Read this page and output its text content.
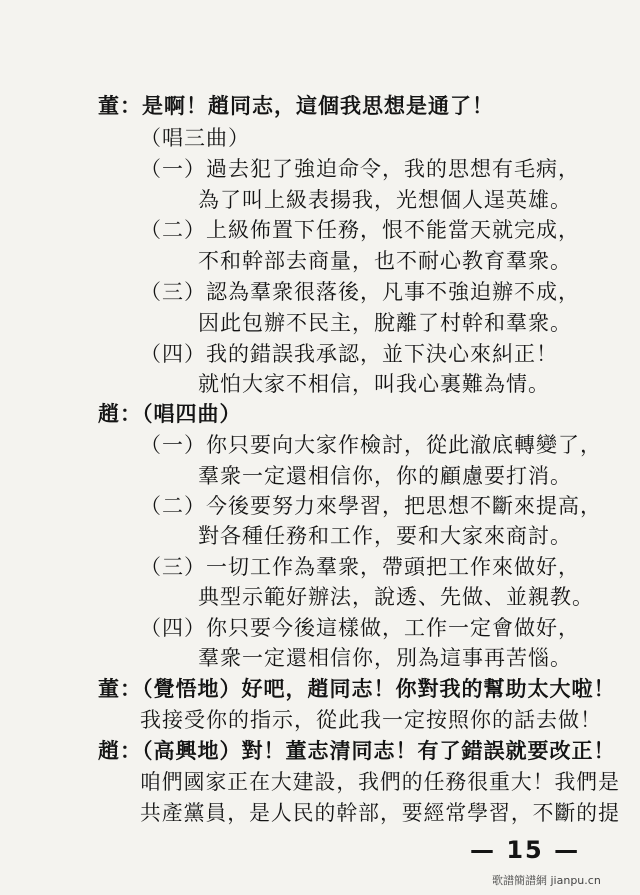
董：是啊！趙同志，這個我思想是通了！
（唱三曲）
（一）過去犯了強迫命令，我的思想有毛病，
為了叫上級表揚我，光想個人逞英雄。
（二）上級佈置下任務，恨不能當天就完成，
不和幹部去商量，也不耐心教育羣衆。
（三）認為羣衆很落後，凡事不強迫辦不成，
因此包辦不民主，脫離了村幹和羣衆。
（四）我的錯誤我承認，並下決心來糾正！
就怕大家不相信，叫我心裏難為情。
趙：（唱四曲）
（一）你只要向大家作檢討，從此澈底轉變了，
羣衆一定還相信你，你的顧慮要打消。
（二）今後要努力來學習，把思想不斷來提高，
對各種任務和工作，要和大家來商討。
（三）一切工作為羣衆，帶頭把工作來做好，
典型示範好辦法，說透、先做、並親教。
（四）你只要今後這樣做，工作一定會做好，
羣衆一定還相信你，別為這事再苦惱。
董：（覺悟地）好吧，趙同志！你對我的幫助太大啦！
我接受你的指示，從此我一定按照你的話去做！
趙：（高興地）對！董志清同志！有了錯誤就要改正！
咱們國家正在大建設，我們的任務很重大！我們是
共產黨員，是人民的幹部，要經常學習，不斷的提
— 15 —
歌譜簡譜網 jianpu.cn
